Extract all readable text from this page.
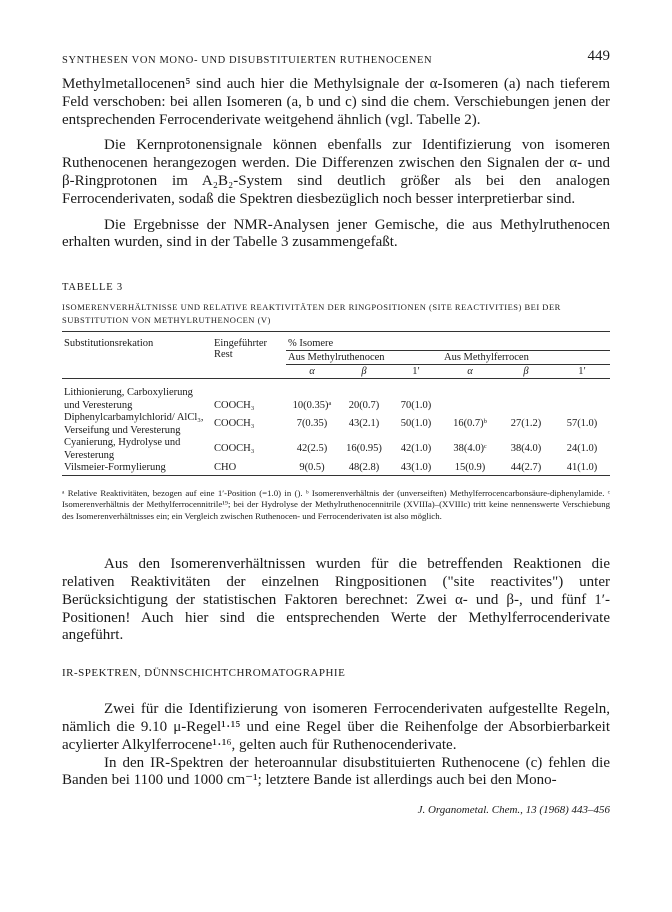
SYNTHESEN VON MONO- UND DISUBSTITUIERTEN RUTHENOCENEN	449

Methylmetallocenen⁵ sind auch hier die Methylsignale der α-Isomeren (a) nach tieferem Feld verschoben: bei allen Isomeren (a, b und c) sind die chem. Verschiebungen jenen der entsprechenden Ferrocenderivate weitgehend ähnlich (vgl. Tabelle 2).

Die Kernprotonensignale können ebenfalls zur Identifizierung von isomeren Ruthenocenen herangezogen werden. Die Differenzen zwischen den Signalen der α- und β-Ringprotonen im A₂B₂-System sind deutlich größer als bei den analogen Ferrocenderivaten, sodaß die Spektren diesbezüglich noch besser interpretierbar sind.

Die Ergebnisse der NMR-Analysen jener Gemische, die aus Methylruthenocen erhalten wurden, sind in der Tabelle 3 zusammengefaßt.

TABELLE 3
ISOMERENVERHÄLTNISSE UND RELATIVE REAKTIVITÄTEN DER RINGPOSITIONEN (SITE REACTIVITIES) BEI DER SUBSTITUTION VON METHYLRUTHENOCEN (V)
Substitutionsrekation	Eingeführter Rest	% Isomere					
		Aus Methylruthenocen			Aus Methylferrocen		
		α	β	1′	α	β	1′
Lithionierung, Carboxylierung und Veresterung	COOCH₃	10(0.35)ᵃ	20(0.7)	70(1.0)			
Diphenylcarbamylchlorid/ AlCl₃, Verseifung und Veresterung	COOCH₃	7(0.35)	43(2.1)	50(1.0)	16(0.7)ᵇ	27(1.2)	57(1.0)
Cyanierung, Hydrolyse und Veresterung	COOCH₃	42(2.5)	16(0.95)	42(1.0)	38(4.0)ᶜ	38(4.0)	24(1.0)
Vilsmeier-Formylierung	CHO	9(0.5)	48(2.8)	43(1.0)	15(0.9)	44(2.7)	41(1.0)
ᵃ Relative Reaktivitäten, bezogen auf eine 1′-Position (=1.0) in (). ᵇ Isomerenverhältnis der (unverseiften) Methylferrocencarbonsäure-diphenylamide. ᶜ Isomerenverhältnis der Methylferrocennitrile¹⁹; bei der Hydrolyse der Methylruthenocennitrile (XVIIIa)–(XVIIIc) tritt keine nennenswerte Verschiebung des Isomerenverhältnisses ein; ein Vergleich zwischen Ruthenocen- und Ferrocenderivaten ist also möglich.

Aus den Isomerenverhältnissen wurden für die betreffenden Reaktionen die relativen Reaktivitäten der einzelnen Ringpositionen ("site reactivites") unter Berücksichtigung der statistischen Faktoren berechnet: Zwei α- und β-, und fünf 1′-Positionen! Auch hier sind die entsprechenden Werte der Methylferrocenderivate angeführt.

IR-SPEKTREN, DÜNNSCHICHTCHROMATOGRAPHIE

Zwei für die Identifizierung von isomeren Ferrocenderivaten aufgestellte Regeln, nämlich die 9.10 μ-Regel¹·¹⁵ und eine Regel über die Reihenfolge der Absorbierbarkeit acylierter Alkylferrocene¹·¹⁶, gelten auch für Ruthenocenderivate.

In den IR-Spektren der heteroannular disubstituierten Ruthenocene (c) fehlen die Banden bei 1100 und 1000 cm⁻¹; letztere Bande ist allerdings auch bei den Mono-

J. Organometal. Chem., 13 (1968) 443–456
